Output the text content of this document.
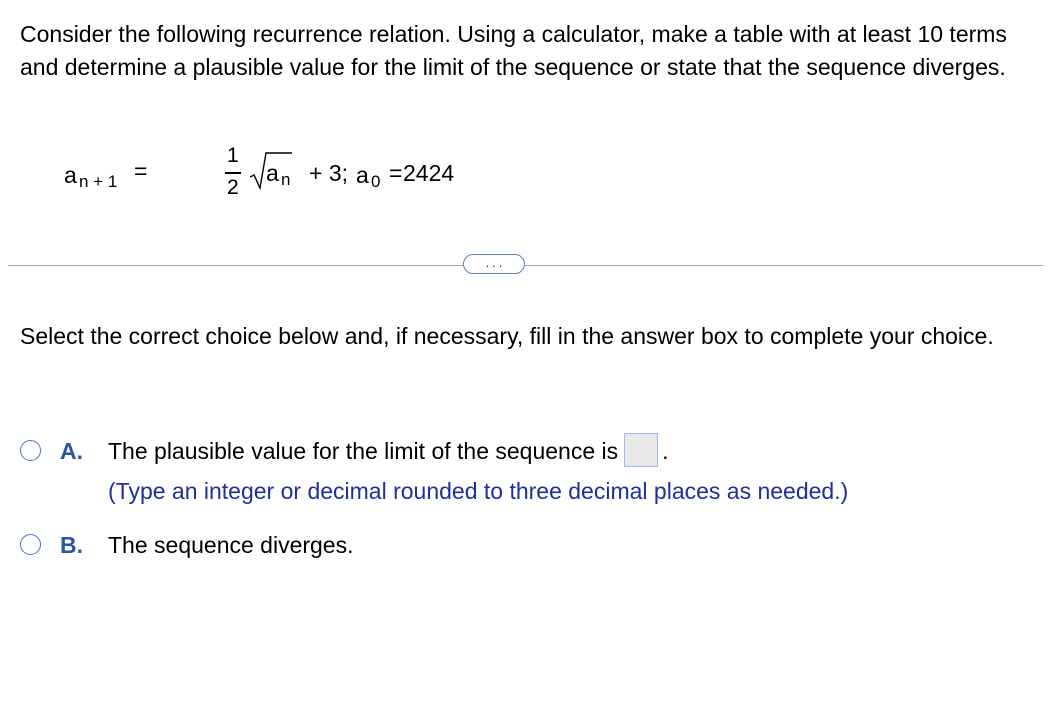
Consider the following recurrence relation. Using a calculator, make a table with at least 10 terms and determine a plausible value for the limit of the sequence or state that the sequence diverges.
a n + 1 =
1
2
a n + 3; a 0 = 2424
...
Select the correct choice below and, if necessary, fill in the answer box to complete your choice.
A. The plausible value for the limit of the sequence is .
(Type an integer or decimal rounded to three decimal places as needed.)
B. The sequence diverges.
